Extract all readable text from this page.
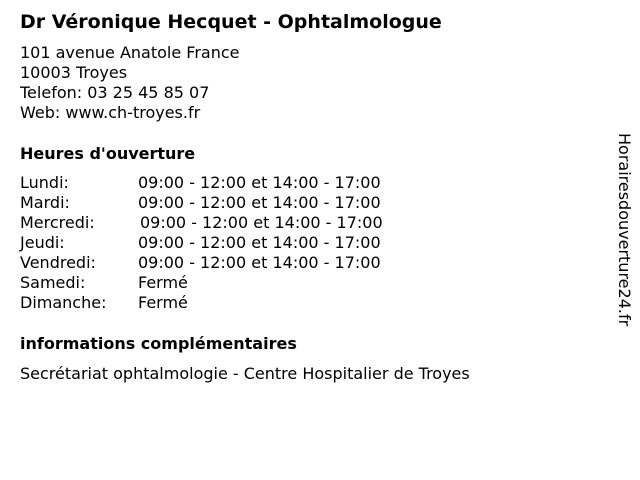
Dr Véronique Hecquet - Ophtalmologue
101 avenue Anatole France
10003 Troyes
Telefon: 03 25 45 85 07
Web: www.ch-troyes.fr
Heures d'ouverture
Lundi:	09:00 - 12:00 et 14:00 - 17:00
Mardi:	09:00 - 12:00 et 14:00 - 17:00
Mercredi:	09:00 - 12:00 et 14:00 - 17:00
Jeudi:	09:00 - 12:00 et 14:00 - 17:00
Vendredi:	09:00 - 12:00 et 14:00 - 17:00
Samedi:	Fermé
Dimanche:	Fermé
informations complémentaires
Secrétariat ophtalmologie - Centre Hospitalier de Troyes
Horairesdouverture24.fr
